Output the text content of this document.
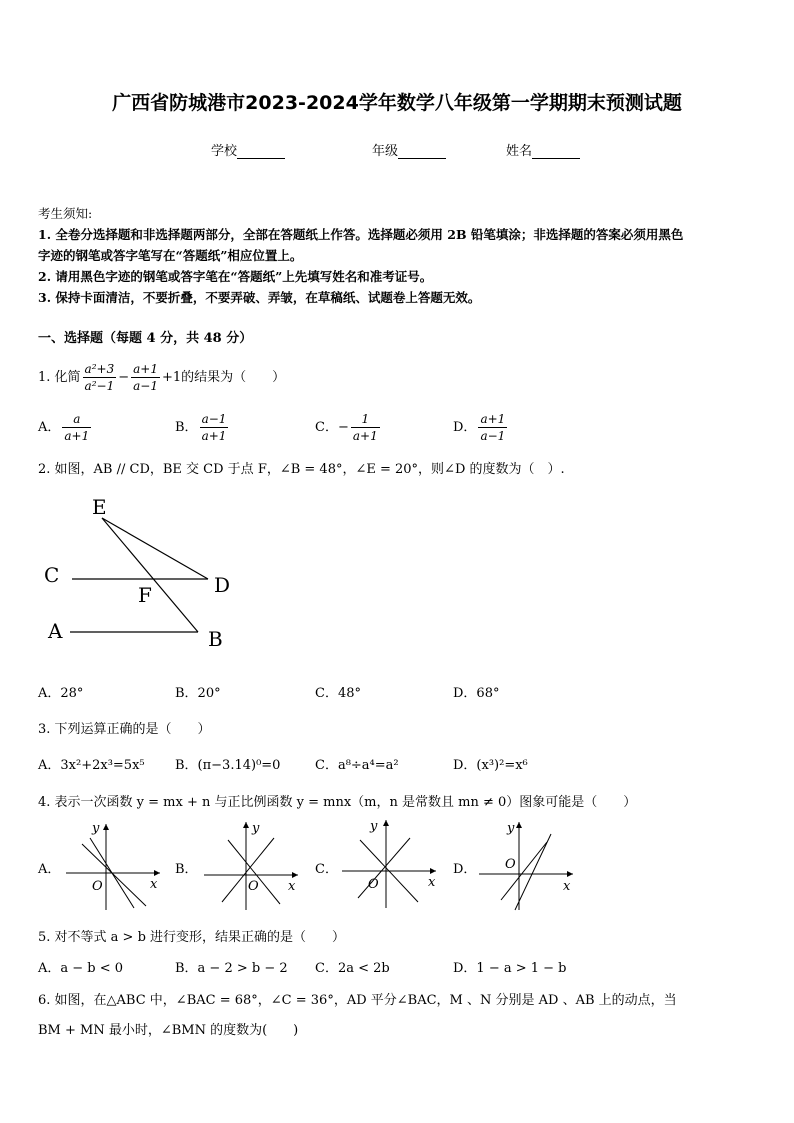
广西省防城港市2023-2024学年数学八年级第一学期期末预测试题
学校	年级	姓名

考生须知:

1. 全卷分选择题和非选择题两部分，全部在答题纸上作答。选择题必须用 2B 铅笔填涂；非选择题的答案必须用黑色

字迹的钢笔或答字笔写在“答题纸”相应位置上。

2. 请用黑色字迹的钢笔或答字笔在“答题纸”上先填写姓名和准考证号。

3. 保持卡面清洁，不要折叠，不要弄破、弄皱，在草稿纸、试题卷上答题无效。

一、选择题（每题 4 分，共 48 分）
1. 化简 $\frac{\text{a²+3}}{\text{a²−1}} - \frac{a+1}{a-1} +1$的结果为（　　）
A． $\frac{a}{a+1}$	B． $\frac{a-1}{a+1}$	C．− $\frac{1}{a+1}$	D． $\frac{a+1}{a-1}$
2. 如图，AB // CD，BE 交 CD 于点 F，∠B = 48°，∠E = 20°，则∠D 的度数为（　）.
E
C
F	D
A	B
A．28°	B．20°	C．48°	D．68°
3. 下列运算正确的是（　　）
A．3x²+2x³=5x⁵ B．(π−3.14)⁰=0	C．a⁸÷a⁴=a²	D．(x³)²=x⁶
4. 表示一次函数 y = mx + n 与正比例函数 y = mnx（m，n 是常数且 mn ≠ 0）图象可能是（　　）
A．
y
x
O
B．
y
x
O
C．
y
x
O
D．
y
x
O
5. 对不等式 a > b 进行变形，结果正确的是（　　）
A．a − b < 0	B．a − 2 > b − 2 C．2a < 2b	D．1 − a > 1 − b
6. 如图，在△ABC 中，∠BAC = 68°，∠C = 36°，AD 平分∠BAC，M 、N 分别是 AD 、AB 上的动点，当
BM + MN 最小时，∠BMN 的度数为(　　)
